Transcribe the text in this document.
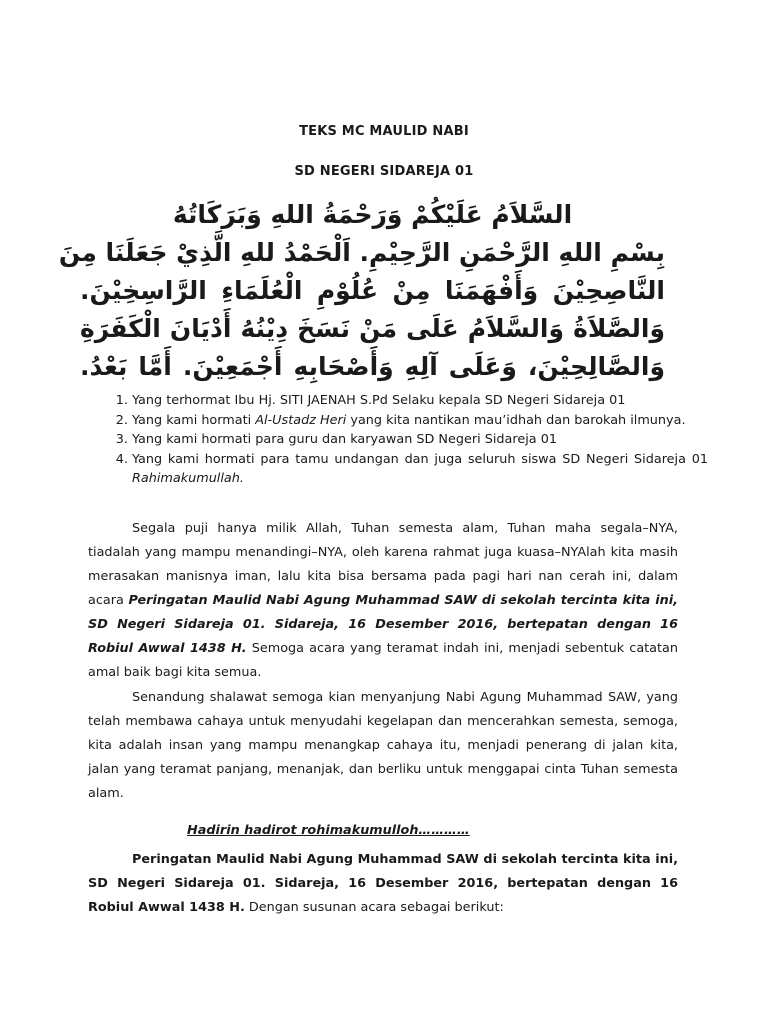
TEKS MC MAULID NABI
SD NEGERI SIDAREJA 01
السَّلاَمُ عَلَيْكُمْ وَرَحْمَةُ اللهِ وَبَرَكَاتُهُ
بِسْمِ اللهِ الرَّحْمَنِ الرَّحِيْمِ. اَلْحَمْدُ للهِ الَّذِيْ جَعَلَنَا مِنَ
النَّاصِحِيْنَ وَأَفْهَمَنَا مِنْ عُلُوْمِ الْعُلَمَاءِ الرَّاسِخِيْنَ.
وَالصَّلاَةُ وَالسَّلاَمُ عَلَى مَنْ نَسَخَ دِيْنُهُ أَدْيَانَ الْكَفَرَةِ
وَالصَّالِحِيْنَ، وَعَلَى آلِهِ وَأَصْحَابِهِ أَجْمَعِيْنَ. أَمَّا بَعْدُ.
1. Yang terhormat Ibu Hj. SITI JAENAH S.Pd Selaku kepala SD Negeri Sidareja 01
2. Yang kami hormati Al-Ustadz Heri yang kita nantikan mau’idhah dan barokah ilmunya.
3. Yang kami hormati para guru dan karyawan SD Negeri Sidareja 01
4. Yang kami hormati para tamu undangan dan juga seluruh siswa SD Negeri Sidareja 01 Rahimakumullah.

Segala puji hanya milik Allah, Tuhan semesta alam, Tuhan maha segala–NYA, tiadalah yang mampu menandingi–NYA, oleh karena rahmat juga kuasa–NYAlah kita masih merasakan manisnya iman, lalu kita bisa bersama pada pagi hari nan cerah ini, dalam acara Peringatan Maulid Nabi Agung Muhammad SAW di sekolah tercinta kita ini, SD Negeri Sidareja 01. Sidareja, 16 Desember 2016, bertepatan dengan 16 Robiul Awwal 1438 H. Semoga acara yang teramat indah ini, menjadi sebentuk catatan amal baik bagi kita semua.

Senandung shalawat semoga kian menyanjung Nabi Agung Muhammad SAW, yang telah membawa cahaya untuk menyudahi kegelapan dan mencerahkan semesta, semoga, kita adalah insan yang mampu menangkap cahaya itu, menjadi penerang di jalan kita, jalan yang teramat panjang, menanjak, dan berliku untuk menggapai cinta Tuhan semesta alam.

Hadirin hadirot rohimakumulloh…………

Peringatan Maulid Nabi Agung Muhammad SAW di sekolah tercinta kita ini, SD Negeri Sidareja 01. Sidareja, 16 Desember 2016, bertepatan dengan 16 Robiul Awwal 1438 H. Dengan susunan acara sebagai berikut:
